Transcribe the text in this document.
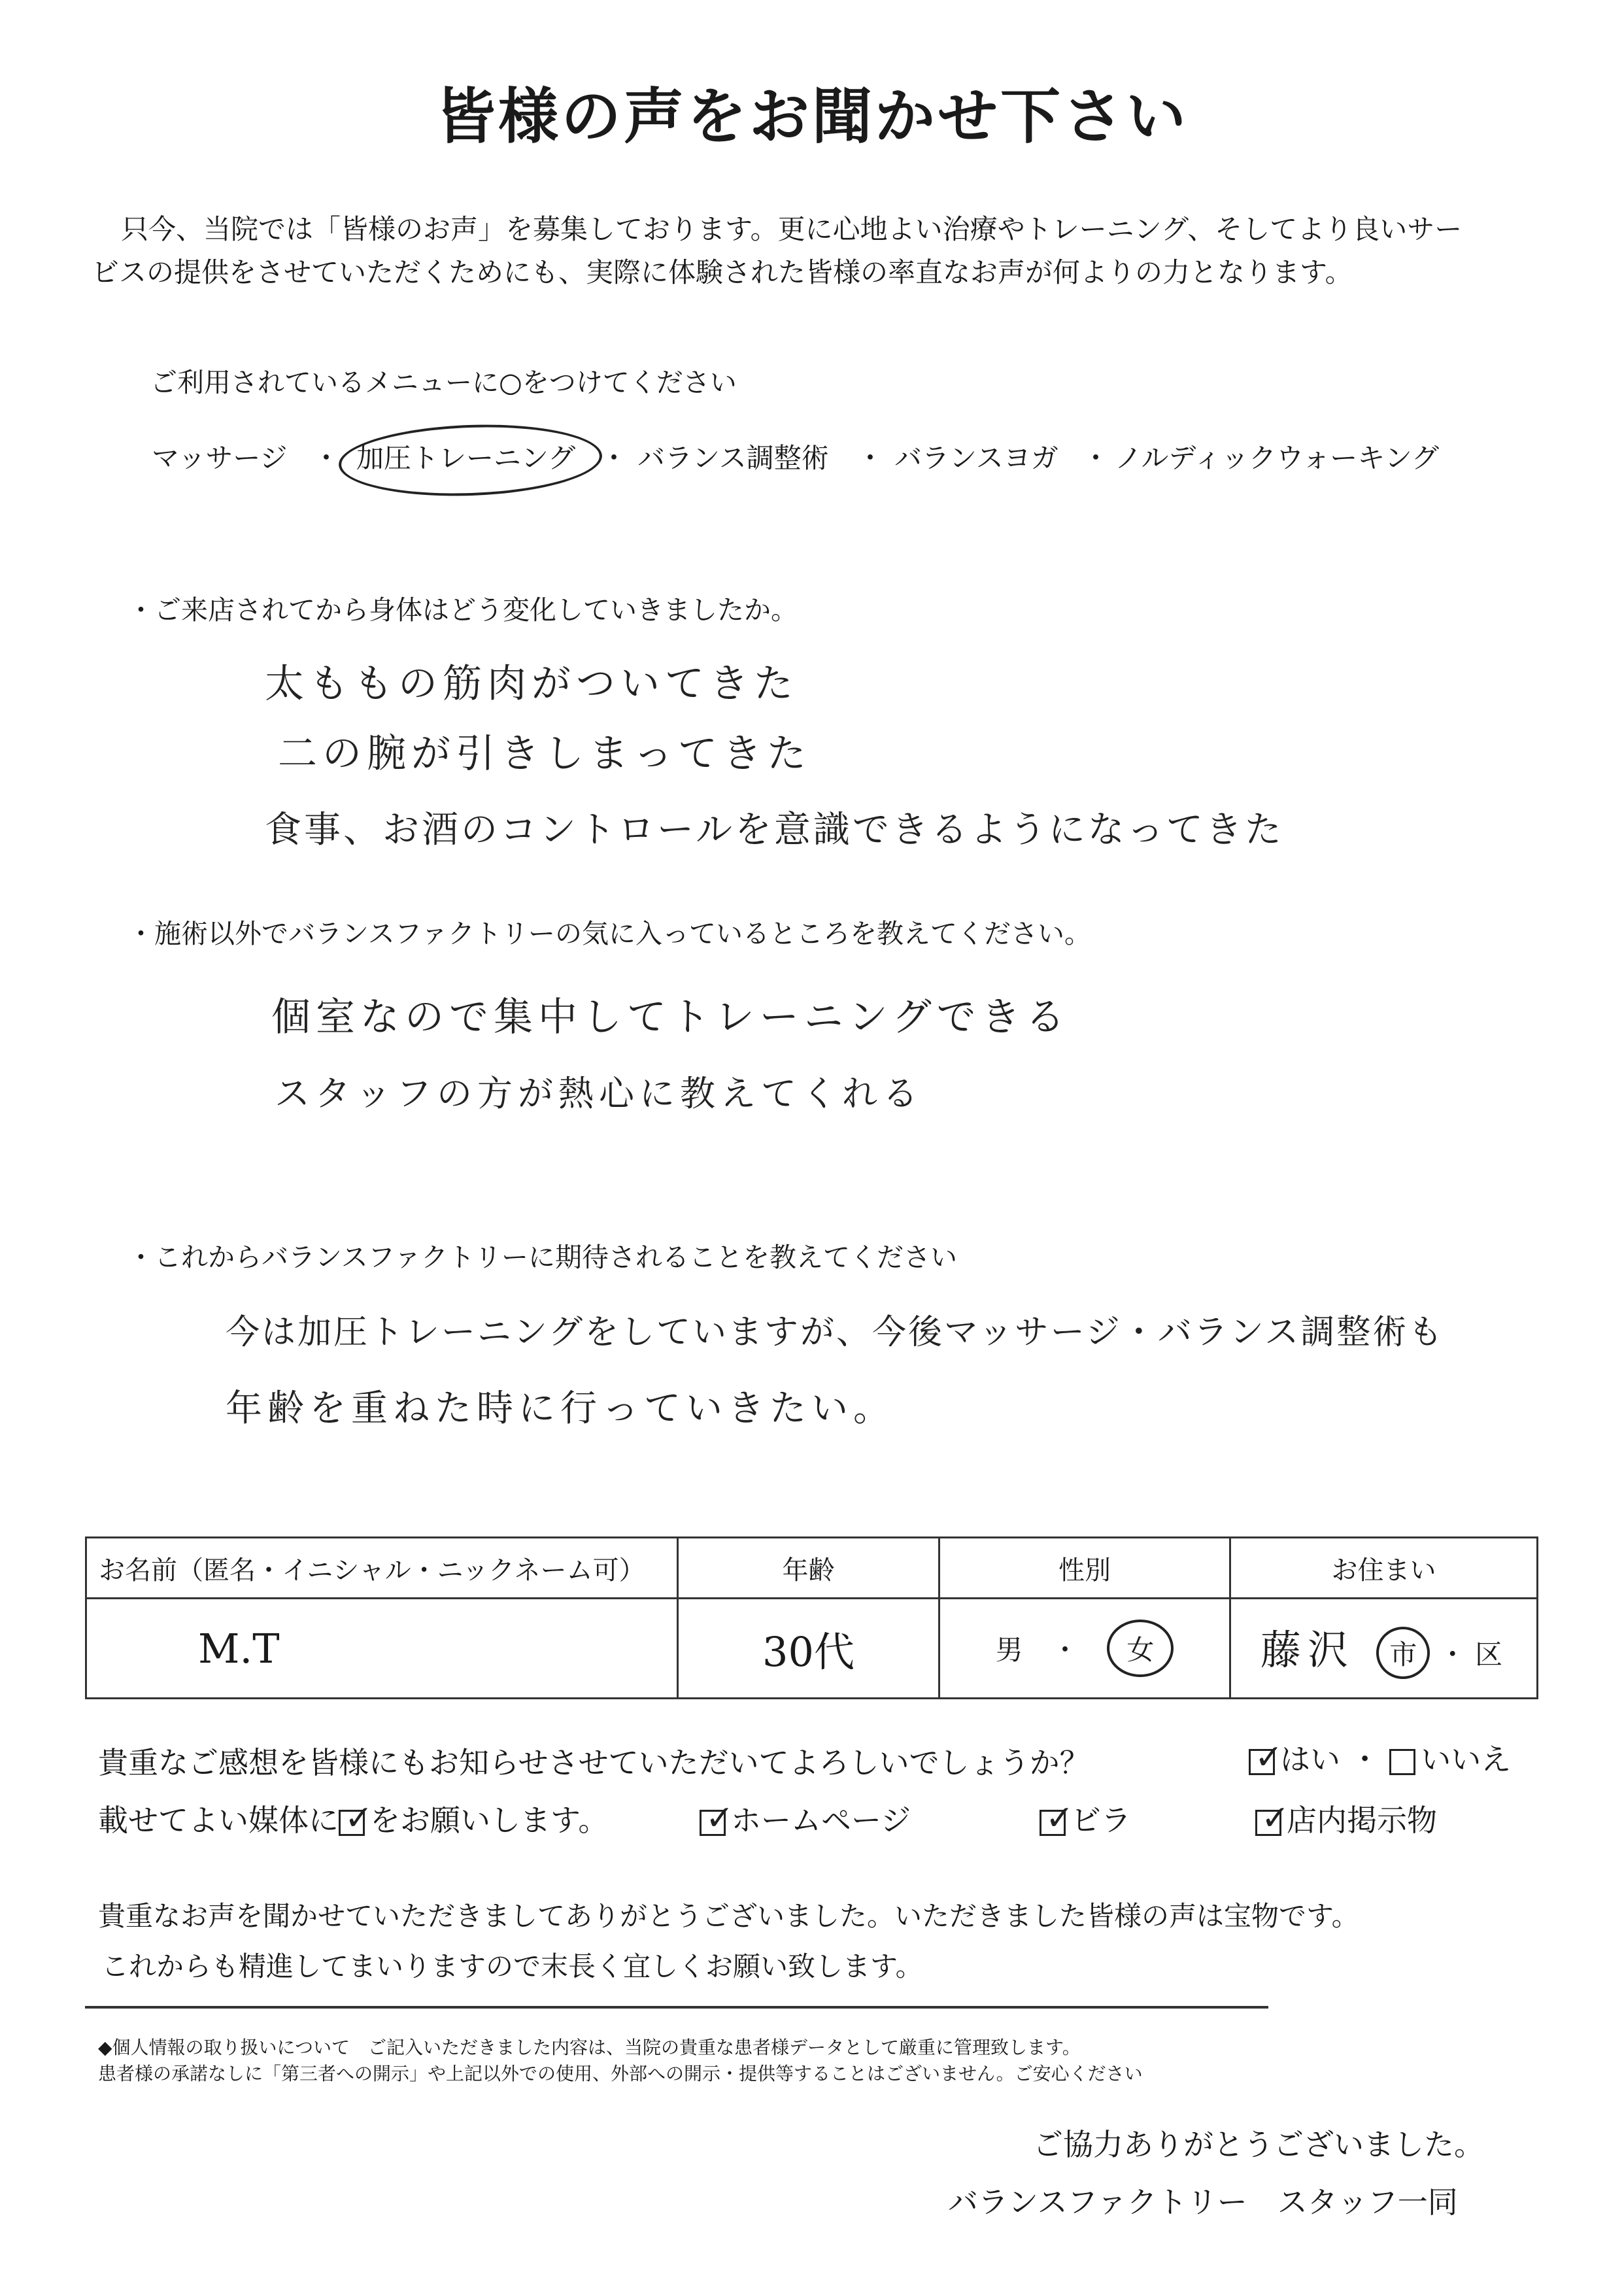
皆様の声をお聞かせ下さい

只今、当院では「皆様のお声」を募集しております。更に心地よい治療やトレーニング、そしてより良いサー

ビスの提供をさせていただくためにも、実際に体験された皆様の率直なお声が何よりの力となります。

ご利用されているメニューに○をつけてください

マッサージ ・ 加圧トレーニング ・ バランス調整術 ・ バランスヨガ ・ ノルディックウォーキング

・ご来店されてから身体はどう変化していきましたか。

太ももの筋肉がついてきた

二の腕が引きしまってきた

食事、お酒のコントロールを意識できるようになってきた

・施術以外でバランスファクトリーの気に入っているところを教えてください。

個室なので集中してトレーニングできる

スタッフの方が熱心に教えてくれる

・これからバランスファクトリーに期待されることを教えてください

今は加圧トレーニングをしていますが、今後マッサージ・バランス調整術も

年齢を重ねた時に行っていきたい。

お名前（匿名・イニシャル・ニックネーム可）	年齢	性別	お住まい
M.T	30代	男 ・ 女	藤沢 市 ・ 区

貴重なご感想を皆様にもお知らせさせていただいてよろしいでしょうか？	✓
はい ・ いいえ
載せてよい媒体に ✓
をお願いします。	✓
ホームページ	✓
ビラ	✓
店内掲示物

貴重なお声を聞かせていただきましてありがとうございました。いただきました皆様の声は宝物です。

これからも精進してまいりますので末長く宜しくお願い致します。

◆個人情報の取り扱いについて　ご記入いただきました内容は、当院の貴重な患者様データとして厳重に管理致します。

患者様の承諾なしに「第三者への開示」や上記以外での使用、外部への開示・提供等することはございません。ご安心ください

ご協力ありがとうございました。

バランスファクトリー　スタッフ一同
